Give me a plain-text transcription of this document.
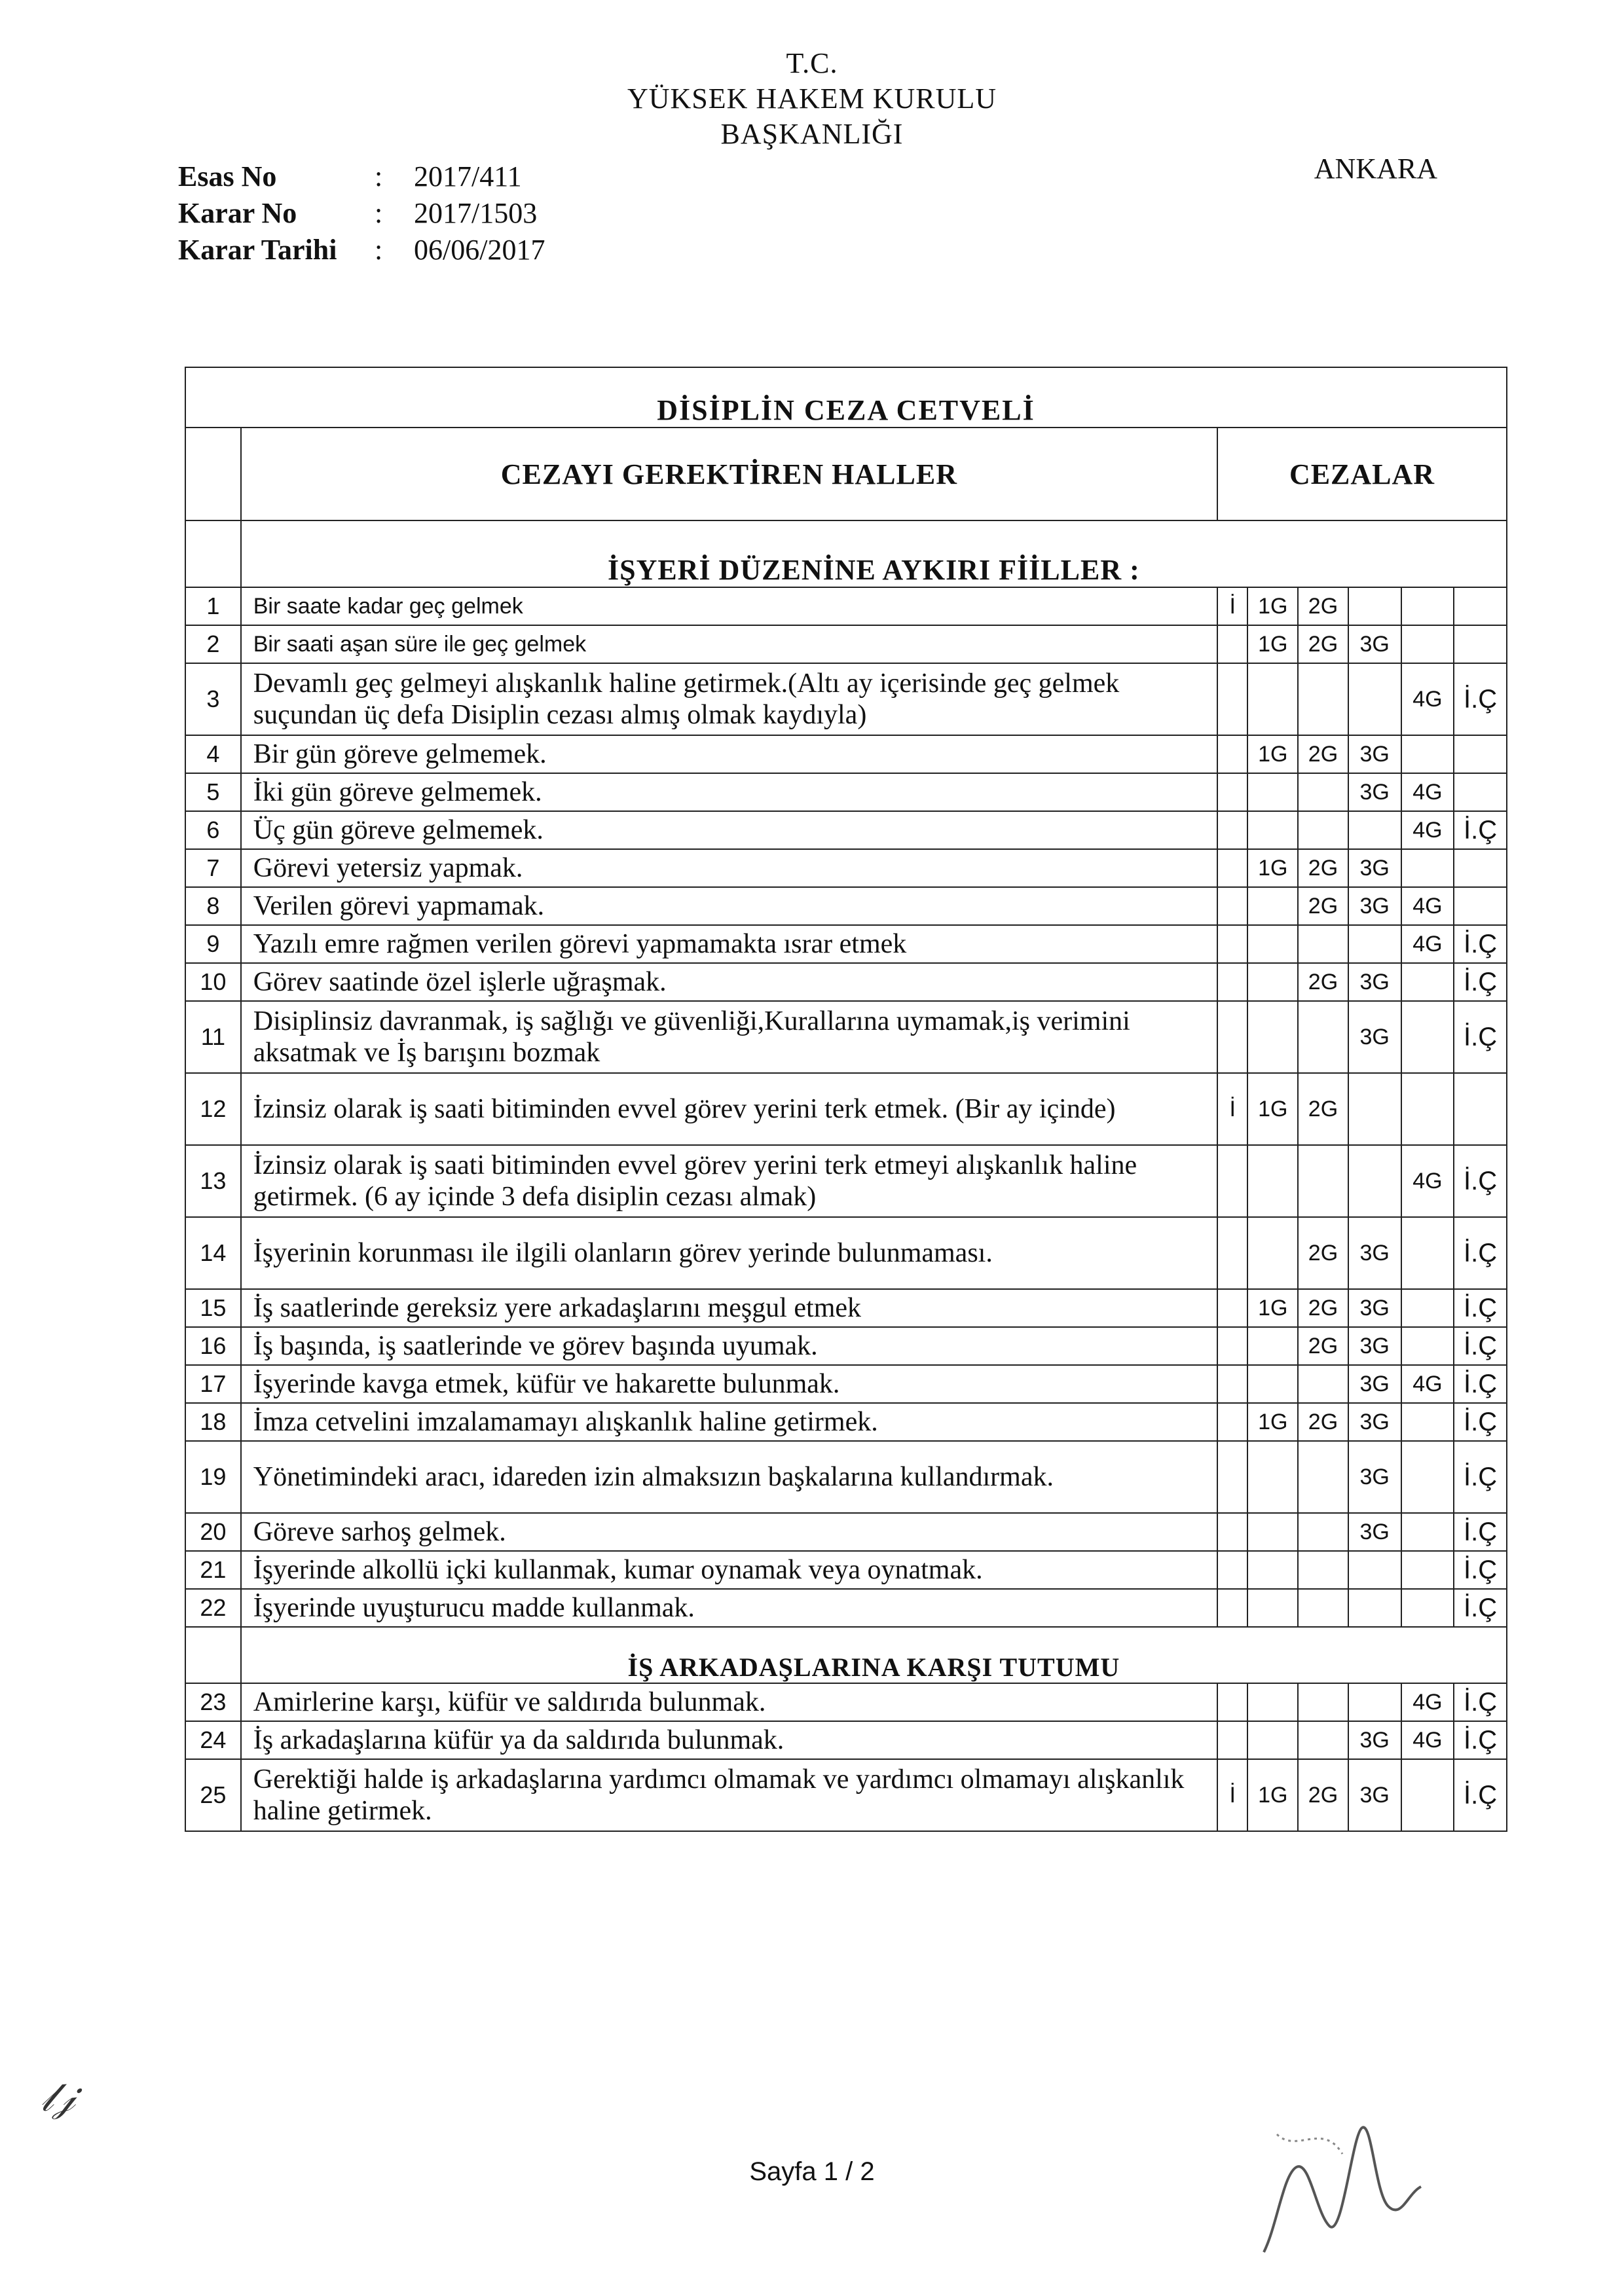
T.C.
YÜKSEK HAKEM KURULU
BAŞKANLIĞI
ANKARA
Esas No	:	2017/411
Karar No	:	2017/1503
Karar Tarihi	:	06/06/2017
DİSİPLİN CEZA CETVELİ							
	CEZAYI GEREKTİREN HALLER	CEZALAR					
	İŞYERİ DÜZENİNE AYKIRI FİİLLER :						
1	Bir saate kadar geç gelmek	İ	1G	2G			
2	Bir saati aşan süre ile geç gelmek		1G	2G	3G		
3	Devamlı geç gelmeyi alışkanlık haline getirmek.(Altı ay içerisinde geç gelmek suçundan üç defa Disiplin cezası almış olmak kaydıyla)					4G	İ.Ç
4	Bir gün göreve gelmemek.		1G	2G	3G		
5	İki gün göreve gelmemek.				3G	4G	
6	Üç gün göreve gelmemek.					4G	İ.Ç
7	Görevi yetersiz yapmak.		1G	2G	3G		
8	Verilen görevi yapmamak.			2G	3G	4G	
9	Yazılı emre rağmen verilen görevi yapmamakta ısrar etmek					4G	İ.Ç
10	Görev saatinde özel işlerle uğraşmak.			2G	3G		İ.Ç
11	Disiplinsiz davranmak, iş sağlığı ve güvenliği,Kurallarına uymamak,iş verimini aksatmak ve İş barışını bozmak				3G		İ.Ç
12	İzinsiz olarak iş saati bitiminden evvel görev yerini terk etmek. (Bir ay içinde)	İ	1G	2G			
13	İzinsiz olarak iş saati bitiminden evvel görev yerini terk etmeyi alışkanlık haline getirmek. (6 ay içinde 3 defa disiplin cezası almak)					4G	İ.Ç
14	İşyerinin korunması ile ilgili olanların görev yerinde bulunmaması.			2G	3G		İ.Ç
15	İş saatlerinde gereksiz yere arkadaşlarını meşgul etmek		1G	2G	3G		İ.Ç
16	İş başında, iş saatlerinde ve görev başında uyumak.			2G	3G		İ.Ç
17	İşyerinde kavga etmek, küfür ve hakarette bulunmak.				3G	4G	İ.Ç
18	İmza cetvelini imzalamamayı alışkanlık haline getirmek.		1G	2G	3G		İ.Ç
19	Yönetimindeki aracı, idareden izin almaksızın başkalarına kullandırmak.				3G		İ.Ç
20	Göreve sarhoş gelmek.				3G		İ.Ç
21	İşyerinde alkollü içki kullanmak, kumar oynamak veya oynatmak.						İ.Ç
22	İşyerinde uyuşturucu madde kullanmak.						İ.Ç
	İŞ ARKADAŞLARINA KARŞI TUTUMU						
23	Amirlerine karşı, küfür ve saldırıda bulunmak.					4G	İ.Ç
24	İş arkadaşlarına küfür ya da saldırıda bulunmak.				3G	4G	İ.Ç
25	Gerektiği halde iş arkadaşlarına yardımcı olmamak ve yardımcı olmamayı alışkanlık haline getirmek.	İ	1G	2G	3G		İ.Ç
Sayfa 1 / 2
𝓁𝒿
